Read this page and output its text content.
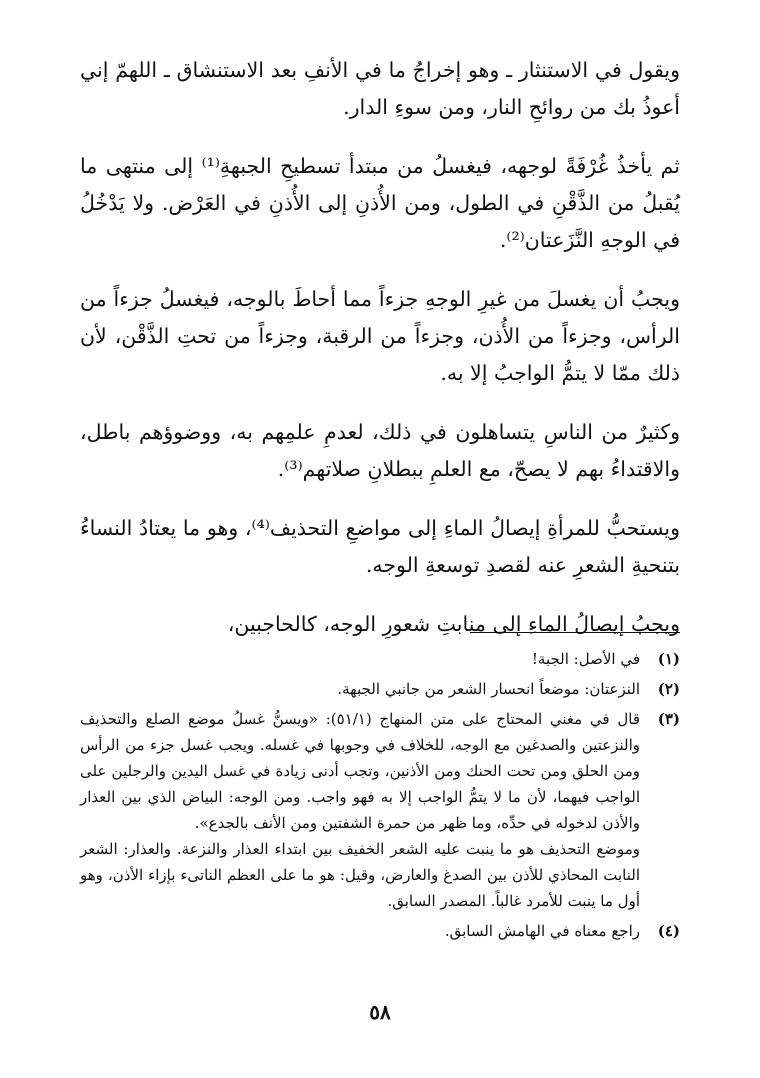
ويقول في الاستنثار ـ وهو إخراجُ ما في الأنفِ بعد الاستنشاق ـ اللهمّ إني أعوذُ بك من روائحِ النار، ومن سوءِ الدار.

ثم يأخذُ غُرْفَةً لوجهه، فيغسلُ من مبتدأ تسطيحِ الجبهةِ⁽¹⁾ إلى منتهى ما يُقبلُ من الذَّقْنِ في الطول، ومن الأُذنِ إلى الأُذنِ في العَرْض. ولا يَدْخُلُ في الوجهِ النَّزَعتان⁽²⁾.

ويجبُ أن يغسلَ من غيرِ الوجهِ جزءاً مما أحاطَ بالوجه، فيغسلُ جزءاً من الرأس، وجزءاً من الأُذن، وجزءاً من الرقبة، وجزءاً من تحتِ الذَّقْن، لأن ذلك ممّا لا يتمُّ الواجبُ إلا به.

وكثيرٌ من الناسِ يتساهلون في ذلك، لعدمِ علمِهم به، ووضوؤهم باطل، والاقتداءُ بهم لا يصحّ، مع العلمِ ببطلانِ صلاتهم⁽³⁾.

ويستحبُّ للمرأةِ إيصالُ الماءِ إلى مواضعِ التحذيف⁽⁴⁾، وهو ما يعتادُ النساءُ بتنحيةِ الشعرِ عنه لقصدِ توسعةِ الوجه.

ويجبُ إيصالُ الماءِ إلى منابتِ شعورِ الوجه، كالحاجبين،

(١)

في الأصل: الجبة!

(٢)

النزعتان: موضعاً انحسار الشعر من جانبي الجبهة.

(٣)

قال في مغني المحتاج على متن المنهاج (٥١/١): «ويسنُّ غسلُ موضع الصلع والتحذيف والنزعتين والصدغين مع الوجه، للخلاف في وجوبها في غسله. ويجب غسل جزء من الرأس ومن الحلق ومن تحت الحنك ومن الأذنين، وتجب أدنى زيادة في غسل اليدين والرجلين على الواجب فيهما، لأن ما لا يتمُّ الواجب إلا به فهو واجب. ومن الوجه: البياض الذي بين العذار والأذن لدخوله في حدِّه، وما ظهر من حمرة الشفتين ومن الأنف بالجدع».

وموضع التحذيف هو ما ينبت عليه الشعر الخفيف بين ابتداء العذار والنزعة. والعذار: الشعر النابت المحاذي للأذن بين الصدغ والعارض، وقيل: هو ما على العظم الناتىء بإزاء الأذن، وهو أول ما ينبت للأمرد غالباً. المصدر السابق.

(٤)

راجع معناه في الهامش السابق.

٥٨
